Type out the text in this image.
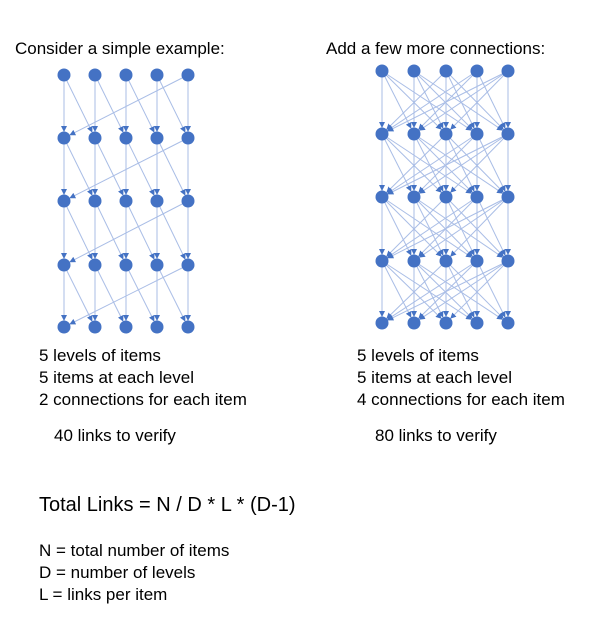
Consider a simple example:	Add a few more connections:
5 levels of items
5 items at each level
2 connections for each item
5 levels of items
5 items at each level
4 connections for each item
40 links to verify	80 links to verify
Total Links = N / D * L * (D-1)
N = total number of items
D = number of levels
L = links per item
